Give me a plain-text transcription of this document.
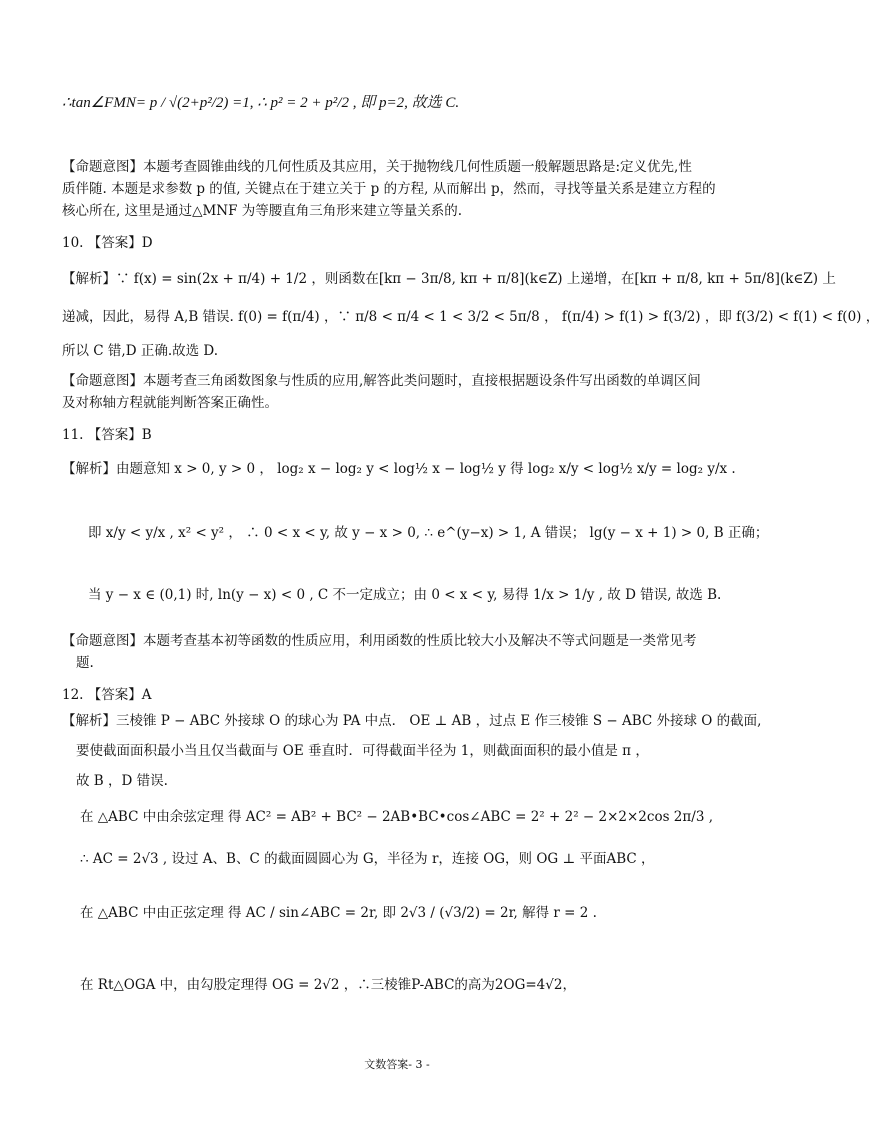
∴tan∠FMN= p / √(2+p²/2) =1, ∴ p² = 2 + p²/2 , 即 p=2, 故选 C.
【命题意图】本题考查圆锥曲线的几何性质及其应用，关于抛物线几何性质题一般解题思路是:定义优先,性
质伴随. 本题是求参数 p 的值, 关键点在于建立关于 p 的方程, 从而解出 p，然而，寻找等量关系是建立方程的
核心所在, 这里是通过△MNF 为等腰直角三角形来建立等量关系的.
10. 【答案】D
【解析】∵ f(x) = sin(2x + π/4) + 1/2 ，则函数在[kπ − 3π/8, kπ + π/8](k∈Z) 上递增，在[kπ + π/8, kπ + 5π/8](k∈Z) 上
递减，因此，易得 A,B 错误. f(0) = f(π/4) ，∵ π/8 < π/4 < 1 < 3/2 < 5π/8 ， f(π/4) > f(1) > f(3/2) ，即 f(3/2) < f(1) < f(0) ，
所以 C 错,D 正确.故选 D.
【命题意图】本题考查三角函数图象与性质的应用,解答此类问题时，直接根据题设条件写出函数的单调区间
及对称轴方程就能判断答案正确性。
11. 【答案】B
【解析】由题意知 x > 0, y > 0 ， log₂ x − log₂ y < log½ x − log½ y 得 log₂ x/y < log½ x/y = log₂ y/x .
即 x/y < y/x , x² < y² ， ∴ 0 < x < y, 故 y − x > 0, ∴ e^(y−x) > 1, A 错误； lg(y − x + 1) > 0, B 正确；
当 y − x ∈ (0,1) 时, ln(y − x) < 0 , C 不一定成立；由 0 < x < y, 易得 1/x > 1/y , 故 D 错误, 故选 B.
【命题意图】本题考查基本初等函数的性质应用，利用函数的性质比较大小及解决不等式问题是一类常见考
题.
12. 【答案】A
【解析】三棱锥 P − ABC 外接球 O 的球心为 PA 中点． OE ⊥ AB ，过点 E 作三棱锥 S − ABC 外接球 O 的截面,
要使截面面积最小当且仅当截面与 OE 垂直时．可得截面半径为 1，则截面面积的最小值是 π ，
故 B ，D 错误.
在 △ABC 中由余弦定理 得 AC² = AB² + BC² − 2AB•BC•cos∠ABC = 2² + 2² − 2×2×2cos 2π/3 ,
∴ AC = 2√3 , 设过 A、B、C 的截面圆圆心为 G，半径为 r，连接 OG，则 OG ⊥ 平面ABC ，
在 △ABC 中由正弦定理 得 AC / sin∠ABC = 2r, 即 2√3 / (√3/2) = 2r, 解得 r = 2 .
在 Rt△OGA 中，由勾股定理得 OG = 2√2 ，∴三棱锥P-ABC的高为2OG=4√2，
文数答案- 3 -
